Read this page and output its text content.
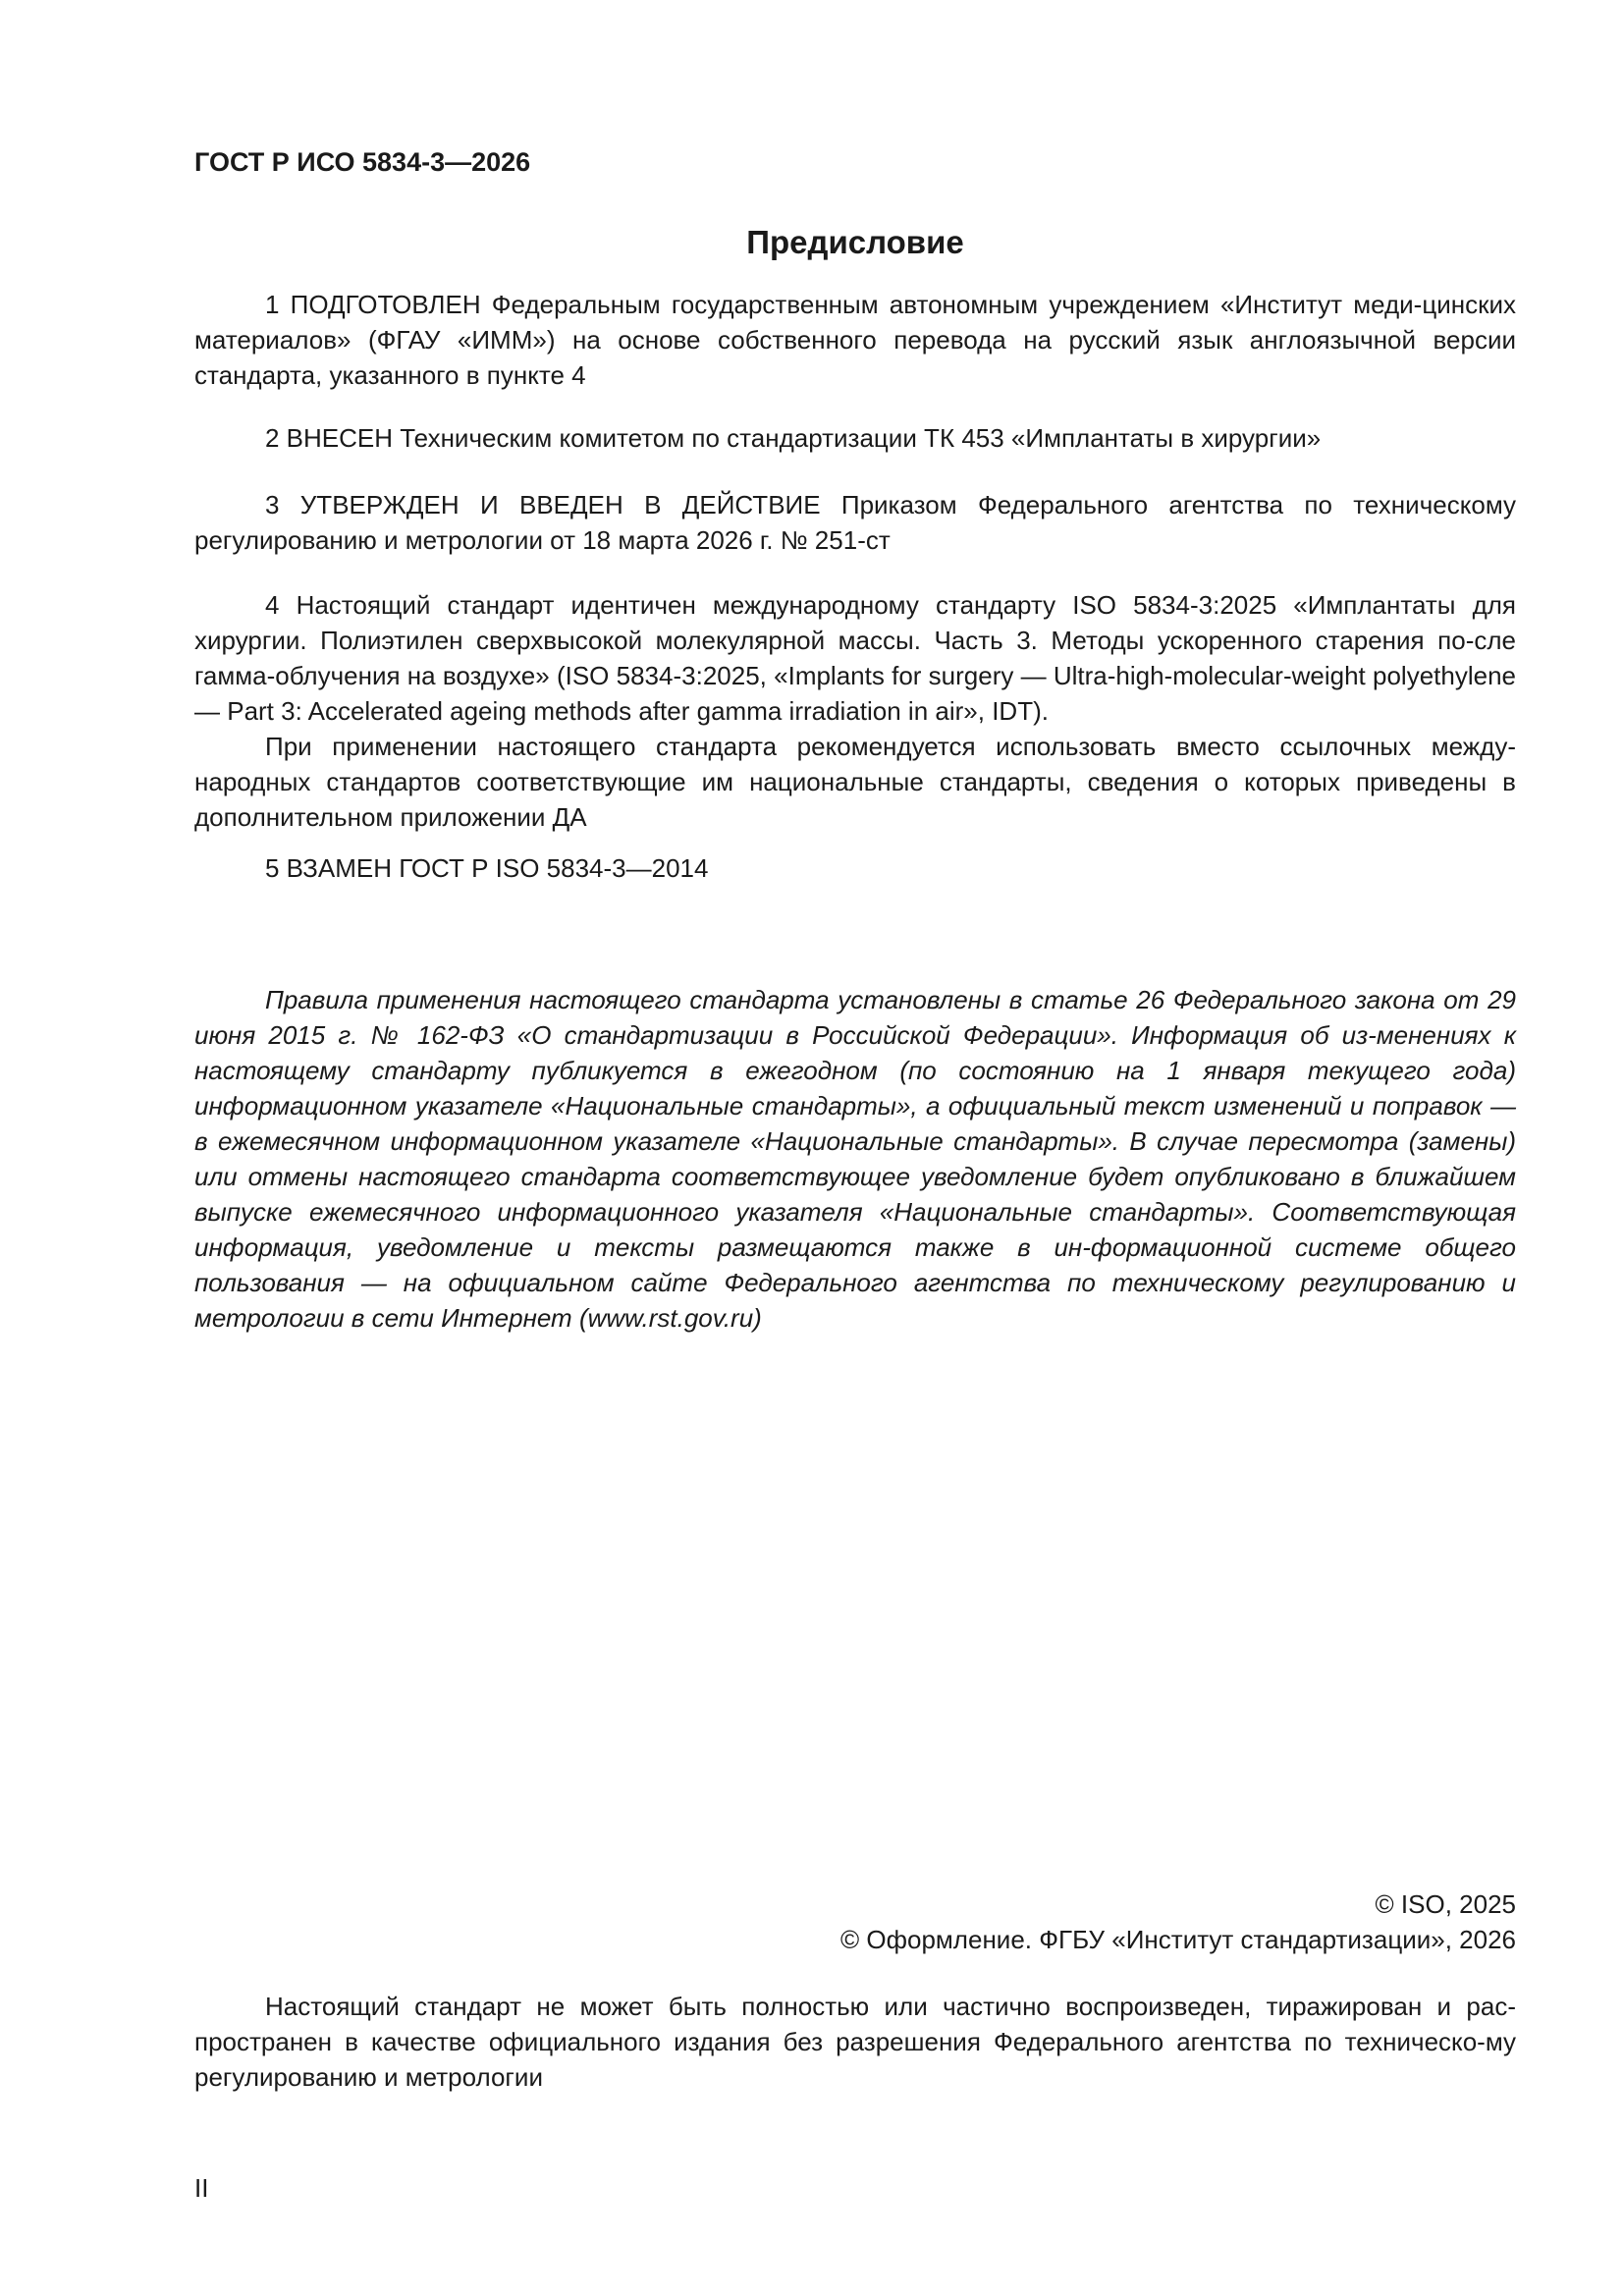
ГОСТ Р ИСО 5834-3—2026
Предисловие

1 ПОДГОТОВЛЕН Федеральным государственным автономным учреждением «Институт меди-цинских материалов» (ФГАУ «ИММ») на основе собственного перевода на русский язык англоязычной версии стандарта, указанного в пункте 4

2 ВНЕСЕН Техническим комитетом по стандартизации ТК 453 «Имплантаты в хирургии»

3 УТВЕРЖДЕН И ВВЕДЕН В ДЕЙСТВИЕ Приказом Федерального агентства по техническому регулированию и метрологии от 18 марта 2026 г. № 251-ст

4 Настоящий стандарт идентичен международному стандарту ISO 5834-3:2025 «Имплантаты для хирургии. Полиэтилен сверхвысокой молекулярной массы. Часть 3. Методы ускоренного старения по-сле гамма-облучения на воздухе» (ISO 5834-3:2025, «Implants for surgery — Ultra-high-molecular-weight polyethylene — Part 3: Accelerated ageing methods after gamma irradiation in air», IDT).

При применении настоящего стандарта рекомендуется использовать вместо ссылочных между-народных стандартов соответствующие им национальные стандарты, сведения о которых приведены в дополнительном приложении ДА

5 ВЗАМЕН ГОСТ Р ISO 5834-3—2014

Правила применения настоящего стандарта установлены в статье 26 Федерального закона от 29 июня 2015 г. № 162-ФЗ «О стандартизации в Российской Федерации». Информация об из-менениях к настоящему стандарту публикуется в ежегодном (по состоянию на 1 января текущего года) информационном указателе «Национальные стандарты», а официальный текст изменений и поправок — в ежемесячном информационном указателе «Национальные стандарты». В случае пересмотра (замены) или отмены настоящего стандарта соответствующее уведомление будет опубликовано в ближайшем выпуске ежемесячного информационного указателя «Национальные стандарты». Соответствующая информация, уведомление и тексты размещаются также в ин-формационной системе общего пользования — на официальном сайте Федерального агентства по техническому регулированию и метрологии в сети Интернет (www.rst.gov.ru)

© ISO, 2025
© Оформление. ФГБУ «Институт стандартизации», 2026

Настоящий стандарт не может быть полностью или частично воспроизведен, тиражирован и рас-пространен в качестве официального издания без разрешения Федерального агентства по техническо-му регулированию и метрологии

II
